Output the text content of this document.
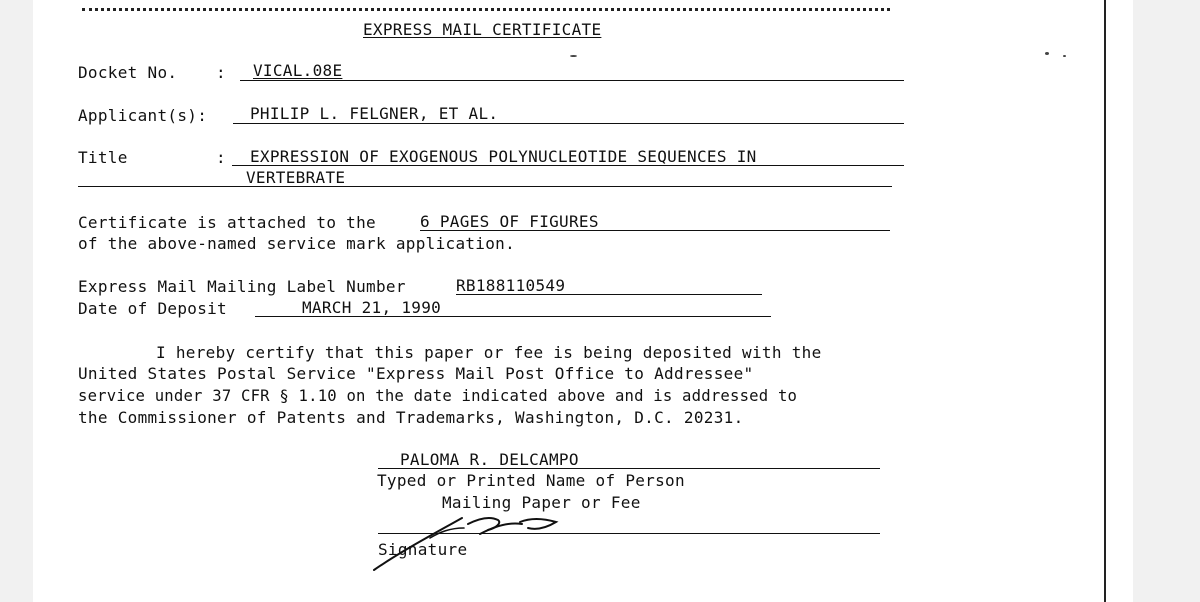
EXPRESS MAIL CERTIFICATE
Docket No. : VICAL.08E
Applicant(s):	PHILIP L. FELGNER, ET AL.
Title	: EXPRESSION OF EXOGENOUS POLYNUCLEOTIDE SEQUENCES IN
VERTEBRATE
Certificate is attached to the	6 PAGES OF FIGURES
of the above-named service mark application.
Express Mail Mailing Label Number	RB188110549
Date of Deposit	MARCH 21, 1990
I hereby certify that this paper or fee is being deposited with the
United States Postal Service "Express Mail Post Office to Addressee"
service under 37 CFR § 1.10 on the date indicated above and is addressed to
the Commissioner of Patents and Trademarks, Washington, D.C. 20231.
PALOMA R. DELCAMPO
Typed or Printed Name of Person
Mailing Paper or Fee
Signature
